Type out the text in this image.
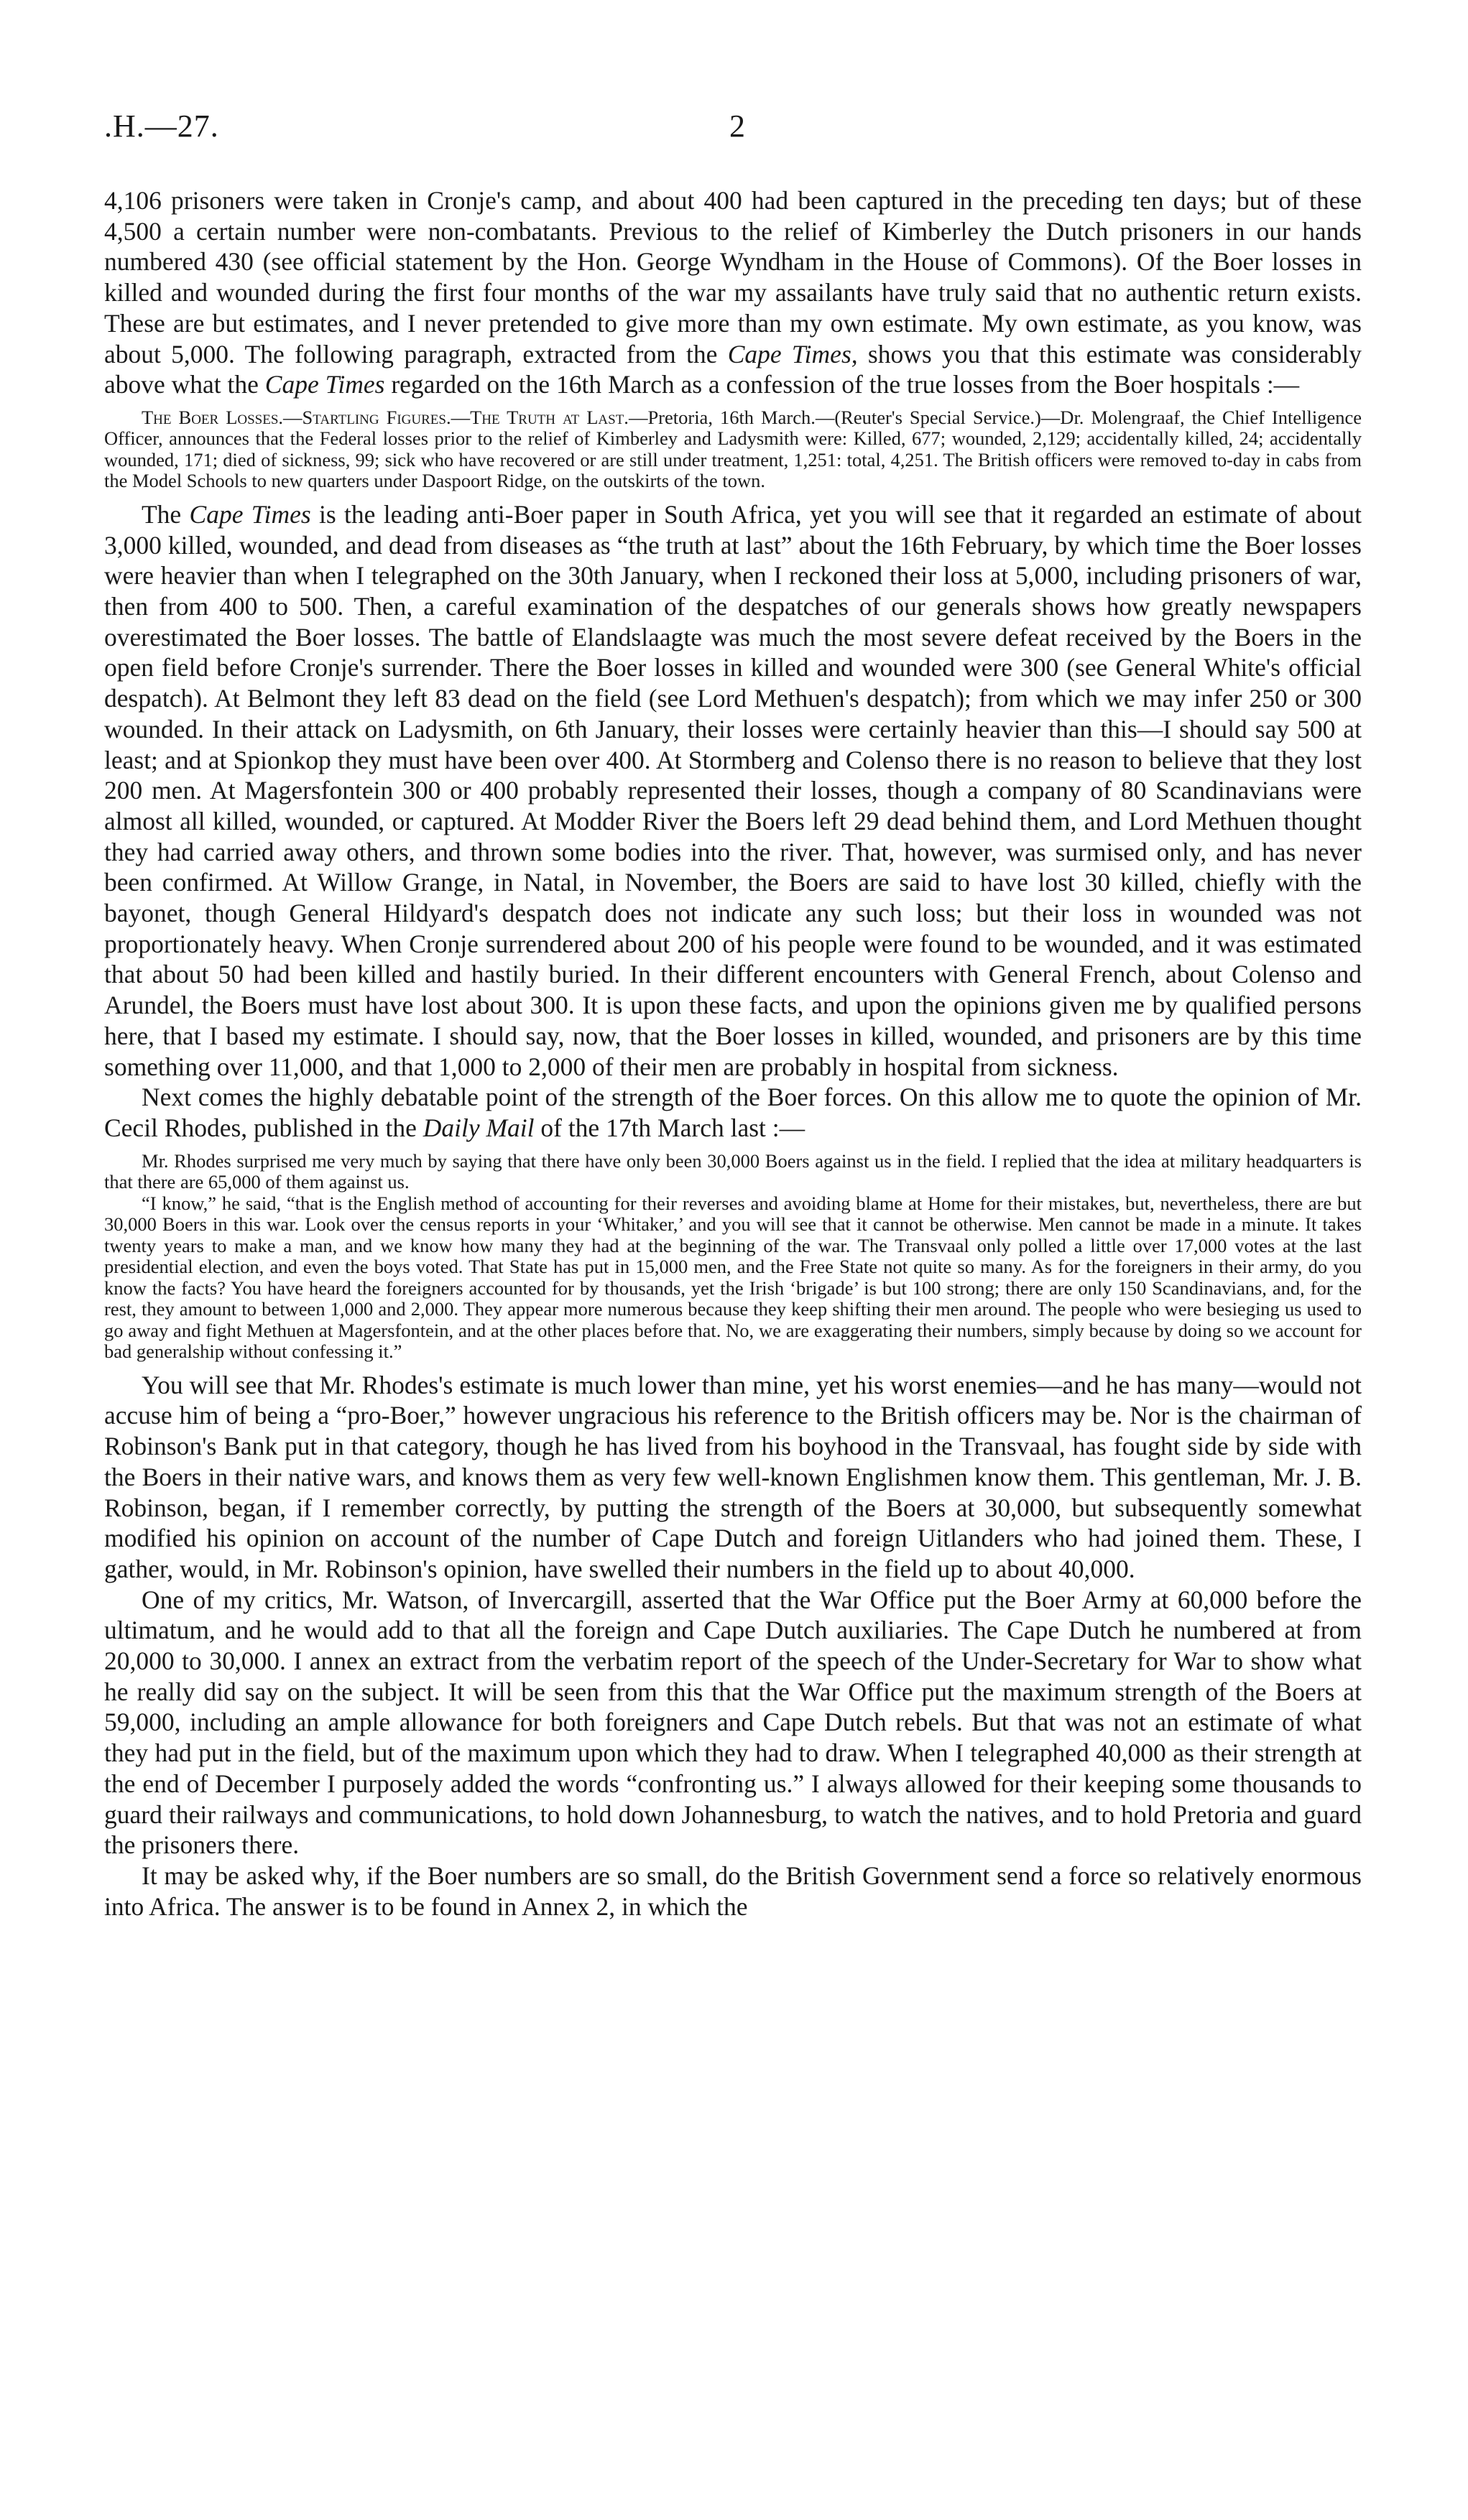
.H.—27.	2

4,106 prisoners were taken in Cronje's camp, and about 400 had been captured in the preceding ten days; but of these 4,500 a certain number were non-combatants. Previous to the relief of Kimberley the Dutch prisoners in our hands numbered 430 (see official statement by the Hon. George Wyndham in the House of Commons). Of the Boer losses in killed and wounded during the first four months of the war my assailants have truly said that no authentic return exists. These are but estimates, and I never pretended to give more than my own estimate. My own estimate, as you know, was about 5,000. The following paragraph, extracted from the Cape Times, shows you that this estimate was considerably above what the Cape Times regarded on the 16th March as a confession of the true losses from the Boer hospitals :—

The Boer Losses.—Startling Figures.—The Truth at Last.—Pretoria, 16th March.—(Reuter's Special Service.)—Dr. Molengraaf, the Chief Intelligence Officer, announces that the Federal losses prior to the relief of Kimberley and Ladysmith were: Killed, 677; wounded, 2,129; accidentally killed, 24; accidentally wounded, 171; died of sickness, 99; sick who have recovered or are still under treatment, 1,251: total, 4,251. The British officers were removed to-day in cabs from the Model Schools to new quarters under Daspoort Ridge, on the outskirts of the town.

The Cape Times is the leading anti-Boer paper in South Africa, yet you will see that it regarded an estimate of about 3,000 killed, wounded, and dead from diseases as “the truth at last” about the 16th February, by which time the Boer losses were heavier than when I telegraphed on the 30th January, when I reckoned their loss at 5,000, including prisoners of war, then from 400 to 500. Then, a careful examination of the despatches of our generals shows how greatly newspapers overestimated the Boer losses. The battle of Elandslaagte was much the most severe defeat received by the Boers in the open field before Cronje's surrender. There the Boer losses in killed and wounded were 300 (see General White's official despatch). At Belmont they left 83 dead on the field (see Lord Methuen's despatch); from which we may infer 250 or 300 wounded. In their attack on Ladysmith, on 6th January, their losses were certainly heavier than this—I should say 500 at least; and at Spionkop they must have been over 400. At Stormberg and Colenso there is no reason to believe that they lost 200 men. At Magersfontein 300 or 400 probably represented their losses, though a company of 80 Scandinavians were almost all killed, wounded, or captured. At Modder River the Boers left 29 dead behind them, and Lord Methuen thought they had carried away others, and thrown some bodies into the river. That, however, was surmised only, and has never been confirmed. At Willow Grange, in Natal, in November, the Boers are said to have lost 30 killed, chiefly with the bayonet, though General Hildyard's despatch does not indicate any such loss; but their loss in wounded was not proportionately heavy. When Cronje surrendered about 200 of his people were found to be wounded, and it was estimated that about 50 had been killed and hastily buried. In their different encounters with General French, about Colenso and Arundel, the Boers must have lost about 300. It is upon these facts, and upon the opinions given me by qualified persons here, that I based my estimate. I should say, now, that the Boer losses in killed, wounded, and prisoners are by this time something over 11,000, and that 1,000 to 2,000 of their men are probably in hospital from sickness.

Next comes the highly debatable point of the strength of the Boer forces. On this allow me to quote the opinion of Mr. Cecil Rhodes, published in the Daily Mail of the 17th March last :—

Mr. Rhodes surprised me very much by saying that there have only been 30,000 Boers against us in the field. I replied that the idea at military headquarters is that there are 65,000 of them against us.

“I know,” he said, “that is the English method of accounting for their reverses and avoiding blame at Home for their mistakes, but, nevertheless, there are but 30,000 Boers in this war. Look over the census reports in your ‘Whitaker,’ and you will see that it cannot be otherwise. Men cannot be made in a minute. It takes twenty years to make a man, and we know how many they had at the beginning of the war. The Transvaal only polled a little over 17,000 votes at the last presidential election, and even the boys voted. That State has put in 15,000 men, and the Free State not quite so many. As for the foreigners in their army, do you know the facts? You have heard the foreigners accounted for by thousands, yet the Irish ‘brigade’ is but 100 strong; there are only 150 Scandinavians, and, for the rest, they amount to between 1,000 and 2,000. They appear more numerous because they keep shifting their men around. The people who were besieging us used to go away and fight Methuen at Magersfontein, and at the other places before that. No, we are exaggerating their numbers, simply because by doing so we account for bad generalship without confessing it.”

You will see that Mr. Rhodes's estimate is much lower than mine, yet his worst enemies—and he has many—would not accuse him of being a “pro-Boer,” however ungracious his reference to the British officers may be. Nor is the chairman of Robinson's Bank put in that category, though he has lived from his boyhood in the Transvaal, has fought side by side with the Boers in their native wars, and knows them as very few well-known Englishmen know them. This gentleman, Mr. J. B. Robinson, began, if I remember correctly, by putting the strength of the Boers at 30,000, but subsequently somewhat modified his opinion on account of the number of Cape Dutch and foreign Uitlanders who had joined them. These, I gather, would, in Mr. Robinson's opinion, have swelled their numbers in the field up to about 40,000.

One of my critics, Mr. Watson, of Invercargill, asserted that the War Office put the Boer Army at 60,000 before the ultimatum, and he would add to that all the foreign and Cape Dutch auxiliaries. The Cape Dutch he numbered at from 20,000 to 30,000. I annex an extract from the verbatim report of the speech of the Under-Secretary for War to show what he really did say on the subject. It will be seen from this that the War Office put the maximum strength of the Boers at 59,000, including an ample allowance for both foreigners and Cape Dutch rebels. But that was not an estimate of what they had put in the field, but of the maximum upon which they had to draw. When I telegraphed 40,000 as their strength at the end of December I purposely added the words “confronting us.” I always allowed for their keeping some thousands to guard their railways and communications, to hold down Johannesburg, to watch the natives, and to hold Pretoria and guard the prisoners there.

It may be asked why, if the Boer numbers are so small, do the British Government send a force so relatively enormous into Africa. The answer is to be found in Annex 2, in which the
